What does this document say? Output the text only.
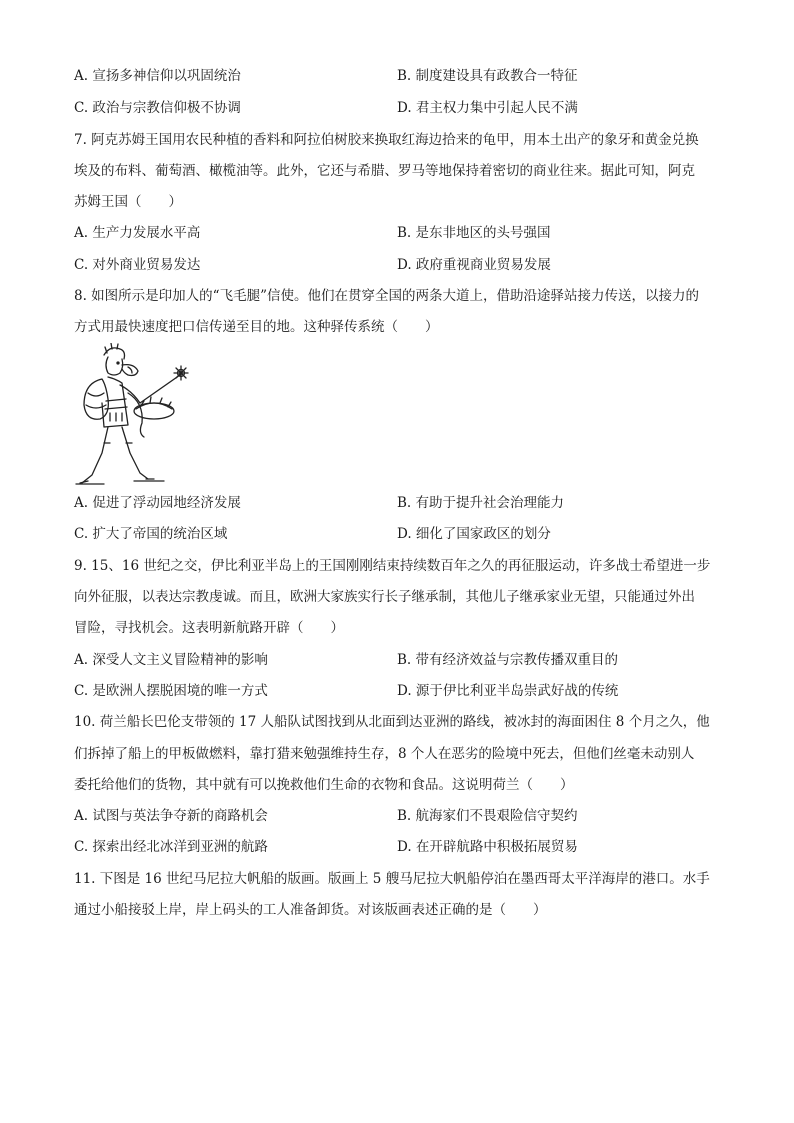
A. 宣扬多神信仰以巩固统治	B. 制度建设具有政教合一特征
C. 政治与宗教信仰极不协调	D. 君主权力集中引起人民不满
7. 阿克苏姆王国用农民种植的香料和阿拉伯树胶来换取红海边拾来的龟甲，用本土出产的象牙和黄金兑换
埃及的布料、葡萄酒、橄榄油等。此外，它还与希腊、罗马等地保持着密切的商业往来。据此可知，阿克
苏姆王国（　　）
A. 生产力发展水平高	B. 是东非地区的头号强国
C. 对外商业贸易发达	D. 政府重视商业贸易发展
8. 如图所示是印加人的“飞毛腿”信使。他们在贯穿全国的两条大道上，借助沿途驿站接力传送，以接力的
方式用最快速度把口信传递至目的地。这种驿传系统（　　）
A. 促进了浮动园地经济发展	B. 有助于提升社会治理能力
C. 扩大了帝国的统治区域	D. 细化了国家政区的划分
9. 15、16 世纪之交，伊比利亚半岛上的王国刚刚结束持续数百年之久的再征服运动，许多战士希望进一步
向外征服，以表达宗教虔诚。而且，欧洲大家族实行长子继承制，其他儿子继承家业无望，只能通过外出
冒险，寻找机会。这表明新航路开辟（　　）
A. 深受人文主义冒险精神的影响	B. 带有经济效益与宗教传播双重目的
C. 是欧洲人摆脱困境的唯一方式	D. 源于伊比利亚半岛崇武好战的传统
10. 荷兰船长巴伦支带领的 17 人船队试图找到从北面到达亚洲的路线，被冰封的海面困住 8 个月之久，他
们拆掉了船上的甲板做燃料，靠打猎来勉强维持生存，8 个人在恶劣的险境中死去，但他们丝毫未动别人
委托给他们的货物，其中就有可以挽救他们生命的衣物和食品。这说明荷兰（　　）
A. 试图与英法争夺新的商路机会	B. 航海家们不畏艰险信守契约
C. 探索出经北冰洋到亚洲的航路	D. 在开辟航路中积极拓展贸易
11. 下图是 16 世纪马尼拉大帆船的版画。版画上 5 艘马尼拉大帆船停泊在墨西哥太平洋海岸的港口。水手
通过小船接驳上岸，岸上码头的工人准备卸货。对该版画表述正确的是（　　）
